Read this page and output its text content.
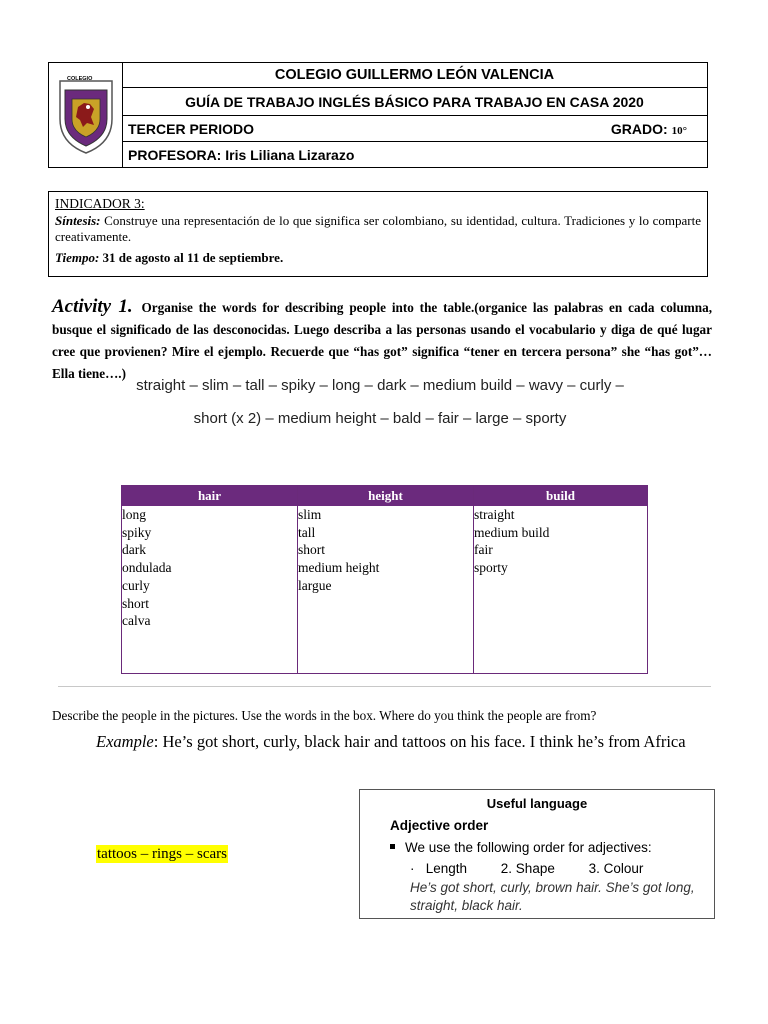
COLEGIO	COLEGIO GUILLERMO LEÓN VALENCIA
GUÍA DE TRABAJO INGLÉS BÁSICO PARA TRABAJO EN CASA 2020
TERCER PERIODO	GRADO: 10°
PROFESORA: Iris Liliana Lizarazo

INDICADOR 3:

Síntesis: Construye una representación de lo que significa ser colombiano, su identidad, cultura. Tradiciones y lo comparte creativamente.

Tiempo: 31 de agosto al 11 de septiembre.
Activity 1. Organise the words for describing people into the table.(organice las palabras en cada columna, busque el significado de las desconocidas. Luego describa a las personas usando el vocabulario y diga de qué lugar cree que provienen? Mire el ejemplo. Recuerde que “has got” significa “tener en tercera persona” she “has got”… Ella tiene….)
straight – slim – tall – spiky – long – dark – medium build – wavy – curly –
short (x 2) – medium height – bald – fair – large – sporty
hair
long
spiky
dark
ondulada
curly
short
calva
height
slim
tall
short
medium height
largue
build
straight
medium build
fair
sporty
Describe the people in the pictures. Use the words in the box. Where do you think the people are from?
Example: He’s got short, curly, black hair and tattoos on his face. I think he’s from Africa
tattoos – rings – scars
Useful language
Adjective order
We use the following order for adjectives:
·   Length         2. Shape         3. Colour
He’s got short, curly, brown hair. She’s got long, straight, black hair.
